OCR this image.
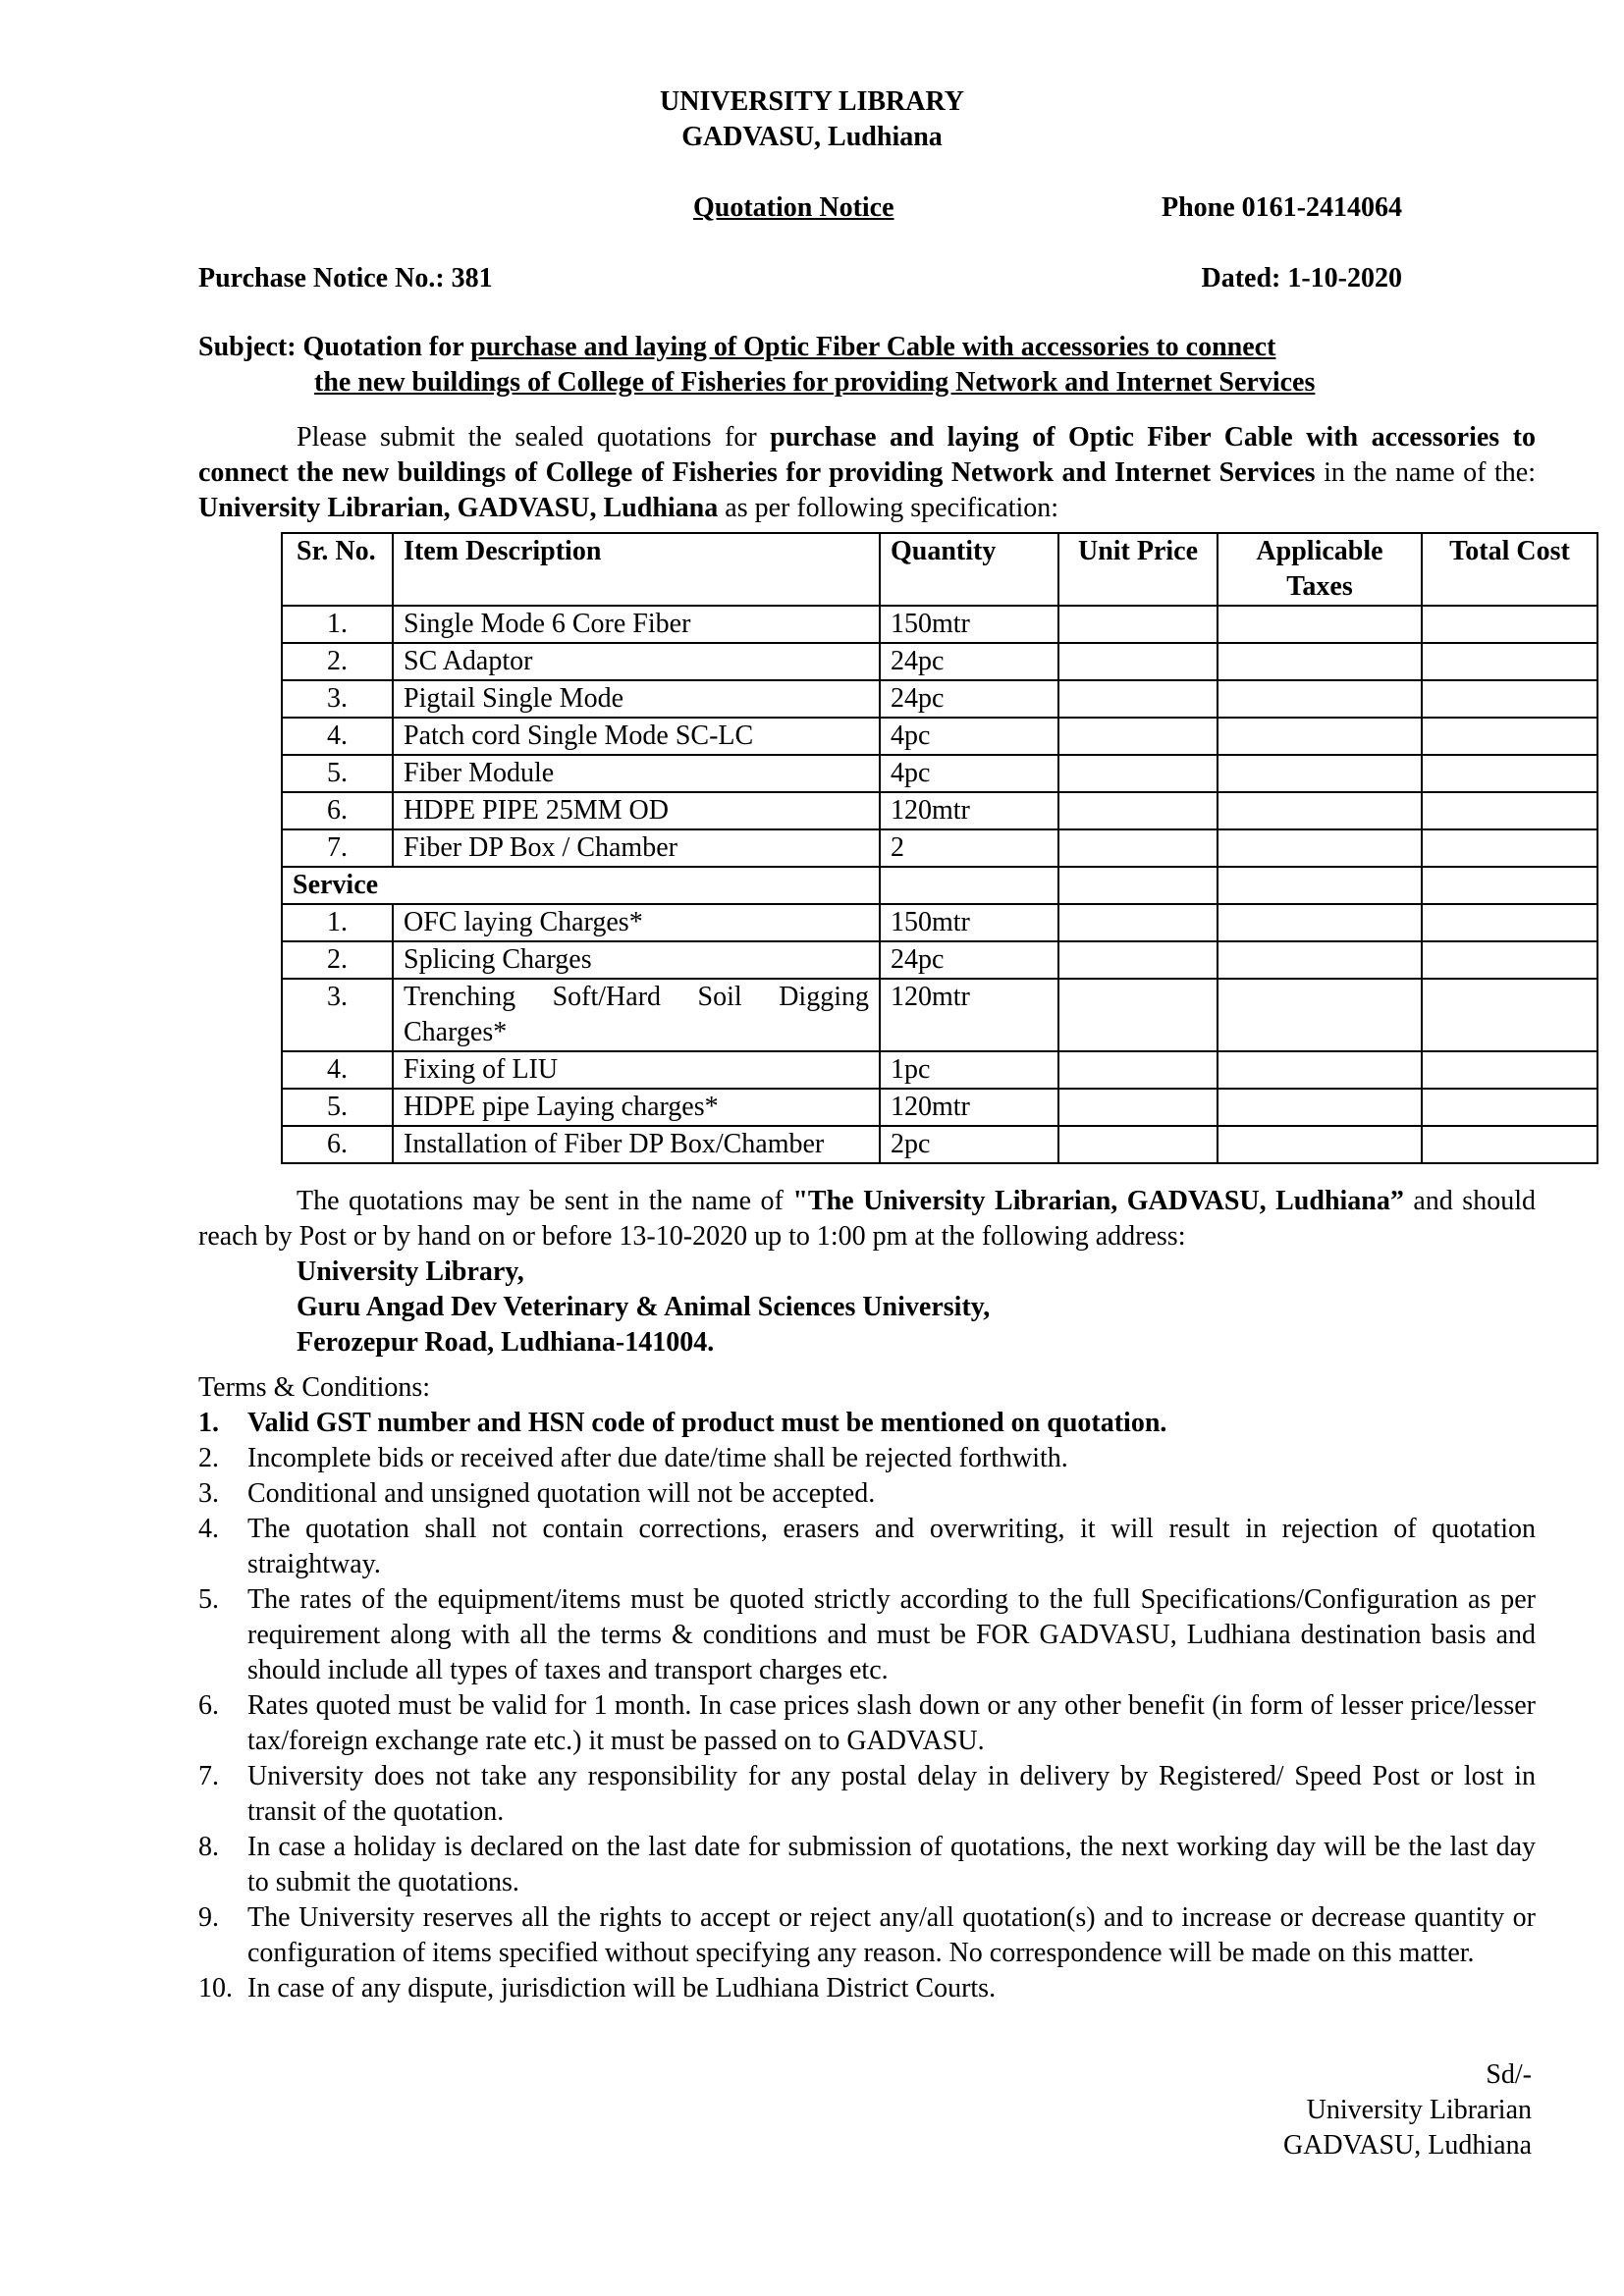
UNIVERSITY LIBRARY
GADVASU, Ludhiana
Quotation Notice	Phone 0161-2414064
Purchase Notice No.: 381	Dated: 1-10-2020
Subject: Quotation for purchase and laying of Optic Fiber Cable with accessories to connect
the new buildings of College of Fisheries for providing Network and Internet Services

Please submit the sealed quotations for purchase and laying of Optic Fiber Cable with accessories to connect the new buildings of College of Fisheries for providing Network and Internet Services in the name of the: University Librarian, GADVASU, Ludhiana as per following specification:

Sr. No.	Item Description	Quantity	Unit Price	Applicable Taxes	Total Cost
1.	Single Mode 6 Core Fiber	150mtr			
2.	SC Adaptor	24pc			
3.	Pigtail Single Mode	24pc			
4.	Patch cord Single Mode SC-LC	4pc			
5.	Fiber Module	4pc			
6.	HDPE PIPE 25MM OD	120mtr			
7.	Fiber DP Box / Chamber	2			
Service					
1.	OFC laying Charges*	150mtr			
2.	Splicing Charges	24pc			
3.	Trenching Soft/Hard Soil Digging Charges*	120mtr			
4.	Fixing of LIU	1pc			
5.	HDPE pipe Laying charges*	120mtr			
6.	Installation of Fiber DP Box/Chamber	2pc			

The quotations may be sent in the name of "The University Librarian, GADVASU, Ludhiana” and should reach by Post or by hand on or before 13-10-2020 up to 1:00 pm at the following address:

University Library,
Guru Angad Dev Veterinary & Animal Sciences University,
Ferozepur Road, Ludhiana-141004.
Terms & Conditions:
1. Valid GST number and HSN code of product must be mentioned on quotation.
2. Incomplete bids or received after due date/time shall be rejected forthwith.
3. Conditional and unsigned quotation will not be accepted.
4. The quotation shall not contain corrections, erasers and overwriting, it will result in rejection of quotation straightway.
5. The rates of the equipment/items must be quoted strictly according to the full Specifications/Configuration as per requirement along with all the terms & conditions and must be FOR GADVASU, Ludhiana destination basis and should include all types of taxes and transport charges etc.
6. Rates quoted must be valid for 1 month. In case prices slash down or any other benefit (in form of lesser price/lesser tax/foreign exchange rate etc.) it must be passed on to GADVASU.
7. University does not take any responsibility for any postal delay in delivery by Registered/ Speed Post or lost in transit of the quotation.
8. In case a holiday is declared on the last date for submission of quotations, the next working day will be the last day to submit the quotations.
9. The University reserves all the rights to accept or reject any/all quotation(s) and to increase or decrease quantity or configuration of items specified without specifying any reason. No correspondence will be made on this matter.
10. In case of any dispute, jurisdiction will be Ludhiana District Courts.
Sd/-
University Librarian
GADVASU, Ludhiana
